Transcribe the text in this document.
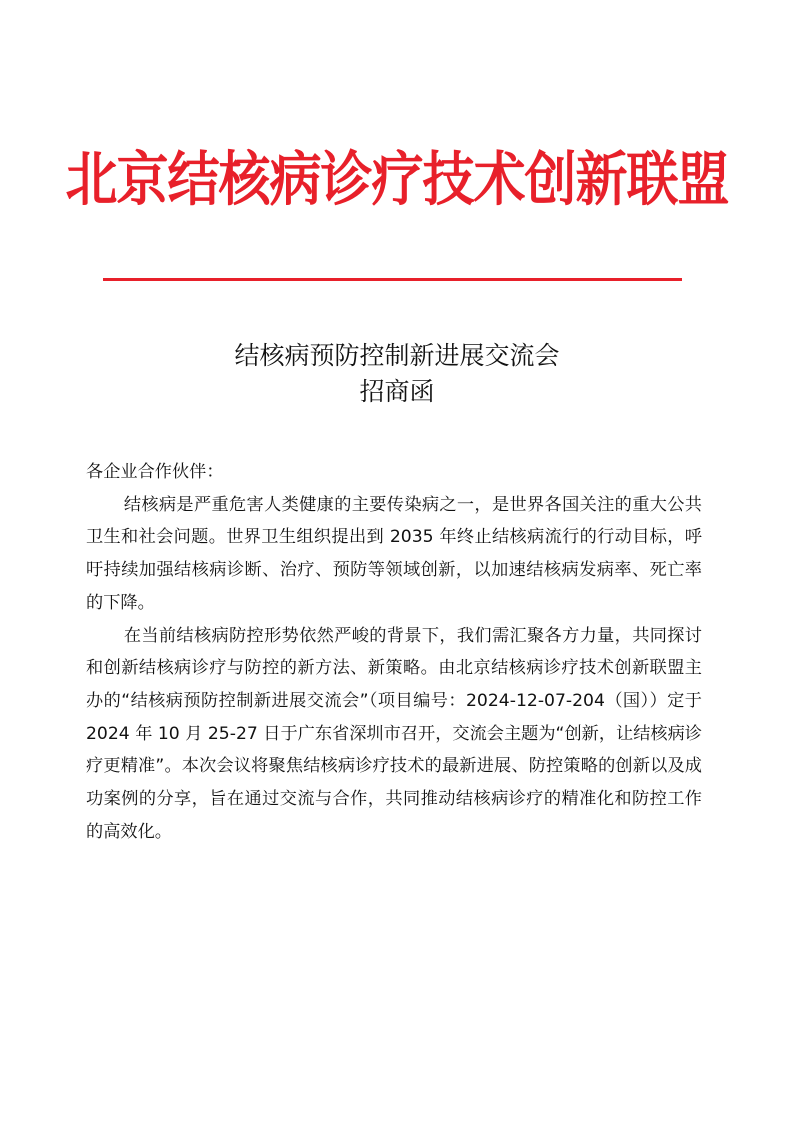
北京结核病诊疗技术创新联盟
结核病预防控制新进展交流会
招商函

各企业合作伙伴：

结核病是严重危害人类健康的主要传染病之一，是世界各国关注的重大公共卫生和社会问题。世界卫生组织提出到 2035 年终止结核病流行的行动目标，呼吁持续加强结核病诊断、治疗、预防等领域创新，以加速结核病发病率、死亡率的下降。

在当前结核病防控形势依然严峻的背景下，我们需汇聚各方力量，共同探讨和创新结核病诊疗与防控的新方法、新策略。由北京结核病诊疗技术创新联盟主办的“结核病预防控制新进展交流会”（项目编号：2024-12-07-204（国））定于 2024 年 10 月 25-27 日于广东省深圳市召开，交流会主题为“创新，让结核病诊疗更精准”。本次会议将聚焦结核病诊疗技术的最新进展、防控策略的创新以及成功案例的分享，旨在通过交流与合作，共同推动结核病诊疗的精准化和防控工作的高效化。
